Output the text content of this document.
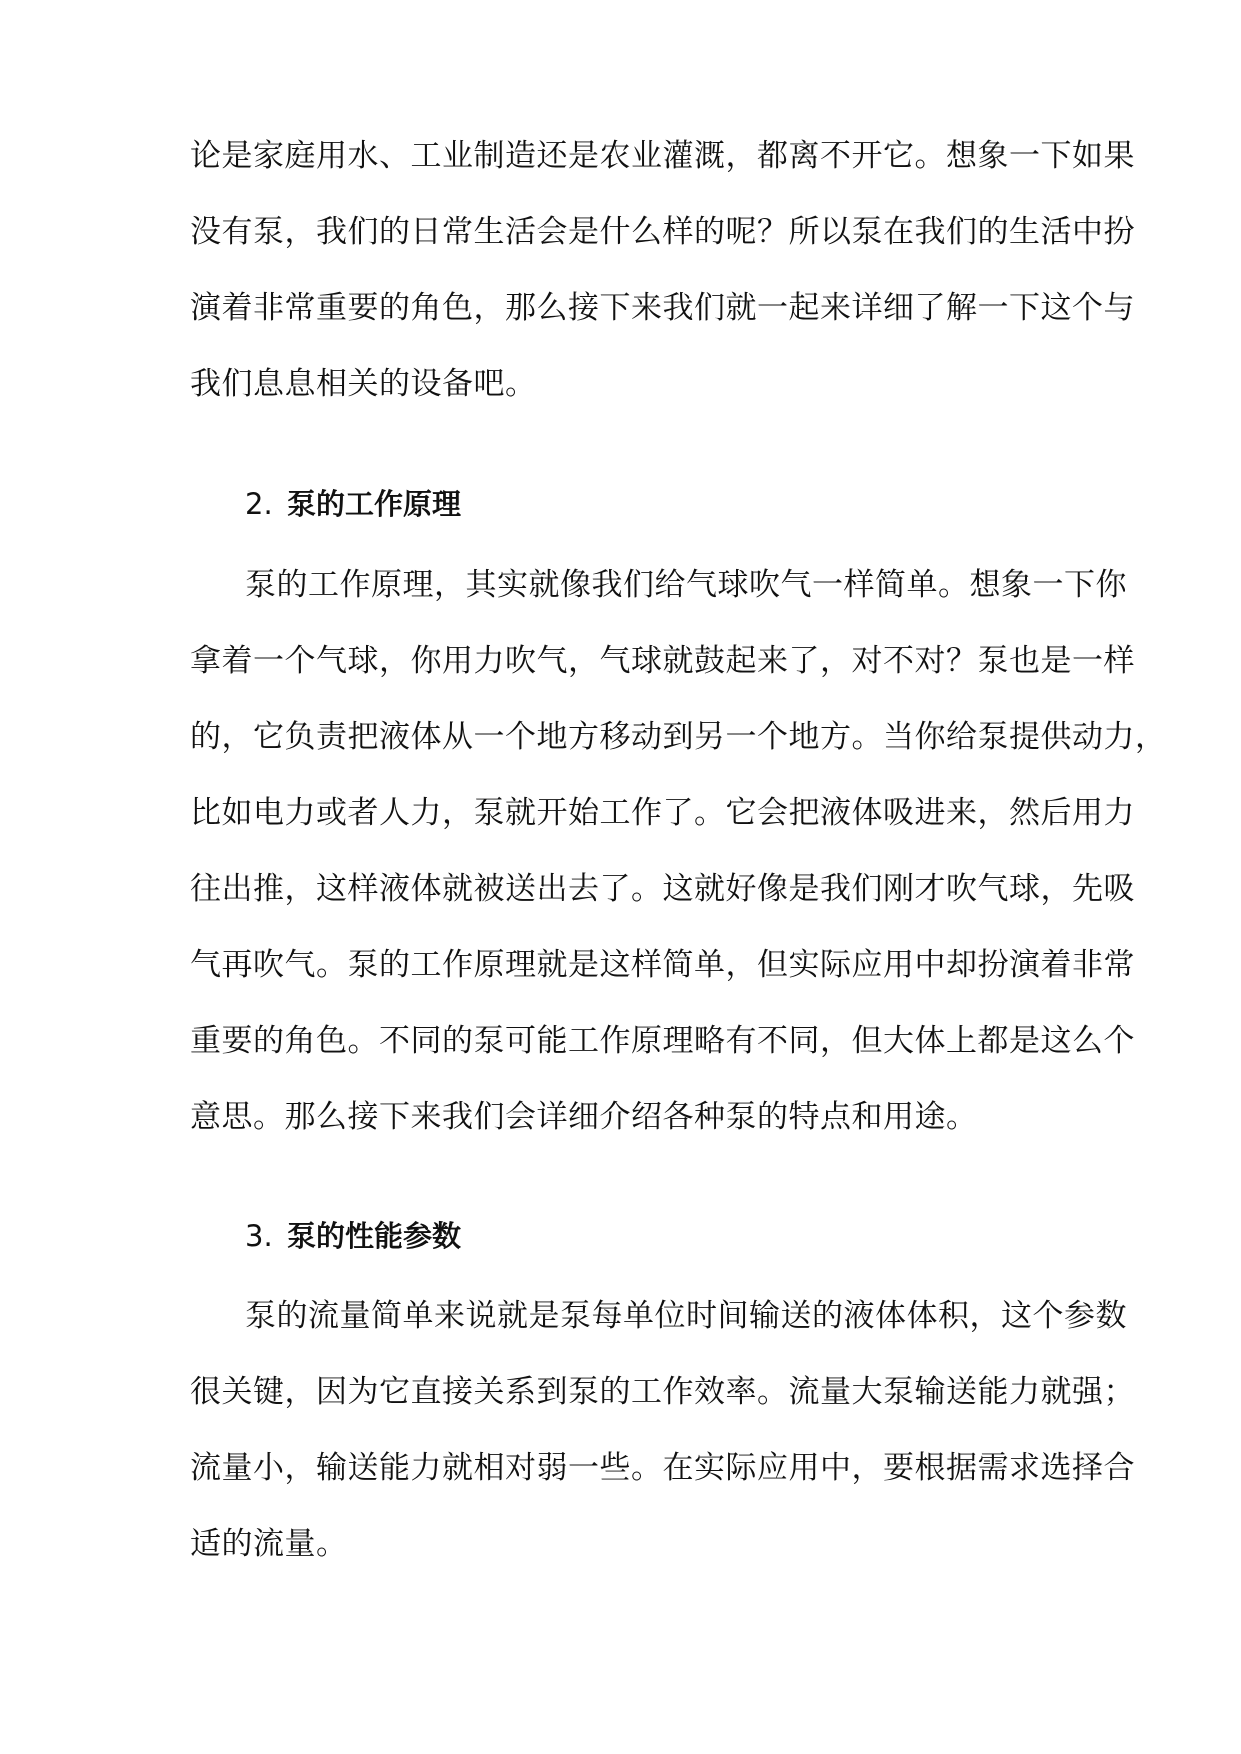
论是家庭用水、工业制造还是农业灌溉，都离不开它。想象一下如果
没有泵，我们的日常生活会是什么样的呢？所以泵在我们的生活中扮
演着非常重要的角色，那么接下来我们就一起来详细了解一下这个与
我们息息相关的设备吧。
2. 泵的工作原理
泵的工作原理，其实就像我们给气球吹气一样简单。想象一下你
拿着一个气球，你用力吹气，气球就鼓起来了，对不对？泵也是一样
的，它负责把液体从一个地方移动到另一个地方。当你给泵提供动力，
比如电力或者人力，泵就开始工作了。它会把液体吸进来，然后用力
往出推，这样液体就被送出去了。这就好像是我们刚才吹气球，先吸
气再吹气。泵的工作原理就是这样简单，但实际应用中却扮演着非常
重要的角色。不同的泵可能工作原理略有不同，但大体上都是这么个
意思。那么接下来我们会详细介绍各种泵的特点和用途。
3. 泵的性能参数
泵的流量简单来说就是泵每单位时间输送的液体体积，这个参数
很关键，因为它直接关系到泵的工作效率。流量大泵输送能力就强；
流量小，输送能力就相对弱一些。在实际应用中，要根据需求选择合
适的流量。
